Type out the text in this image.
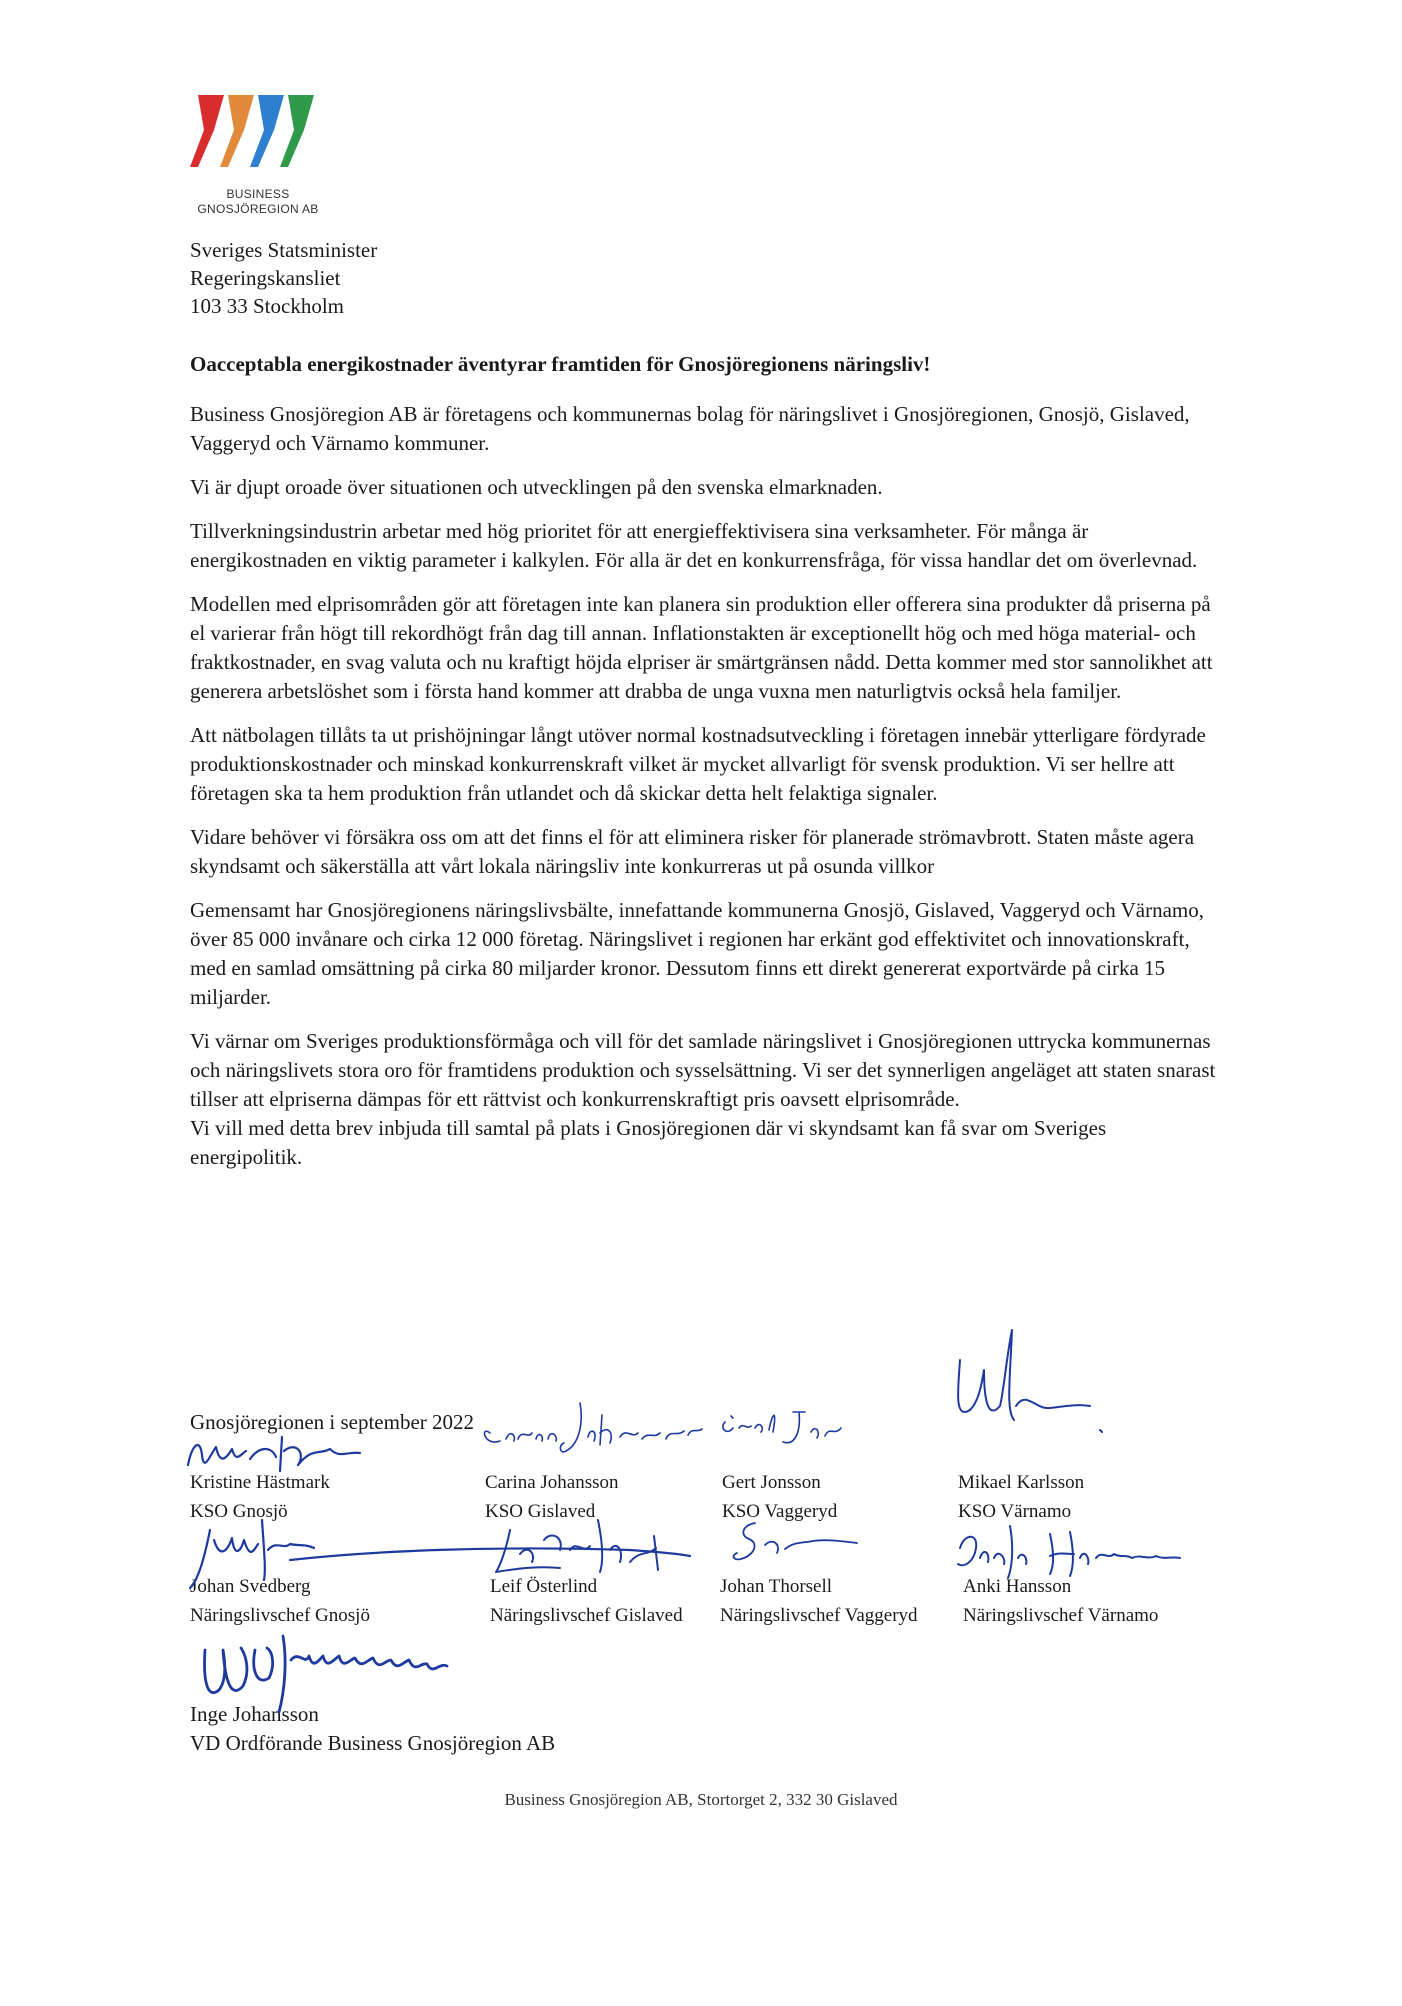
BUSINESS
GNOSJÖREGION AB
Sveriges Statsminister
Regeringskansliet
103 33 Stockholm
Oacceptabla energikostnader äventyrar framtiden för Gnosjöregionens näringsliv!

Business Gnosjöregion AB är företagens och kommunernas bolag för näringslivet i Gnosjöregionen, Gnosjö, Gislaved, Vaggeryd och Värnamo kommuner.

Vi är djupt oroade över situationen och utvecklingen på den svenska elmarknaden.

Tillverkningsindustrin arbetar med hög prioritet för att energieffektivisera sina verksamheter. För många är energikostnaden en viktig parameter i kalkylen. För alla är det en konkurrensfråga, för vissa handlar det om överlevnad.

Modellen med elprisområden gör att företagen inte kan planera sin produktion eller offerera sina produkter då priserna på el varierar från högt till rekordhögt från dag till annan. Inflationstakten är exceptionellt hög och med höga material- och fraktkostnader, en svag valuta och nu kraftigt höjda elpriser är smärtgränsen nådd. Detta kommer med stor sannolikhet att generera arbetslöshet som i första hand kommer att drabba de unga vuxna men naturligtvis också hela familjer.

Att nätbolagen tillåts ta ut prishöjningar långt utöver normal kostnadsutveckling i företagen innebär ytterligare fördyrade produktionskostnader och minskad konkurrenskraft vilket är mycket allvarligt för svensk produktion. Vi ser hellre att företagen ska ta hem produktion från utlandet och då skickar detta helt felaktiga signaler.

Vidare behöver vi försäkra oss om att det finns el för att eliminera risker för planerade strömavbrott. Staten måste agera skyndsamt och säkerställa att vårt lokala näringsliv inte konkurreras ut på osunda villkor

Gemensamt har Gnosjöregionens näringslivsbälte, innefattande kommunerna Gnosjö, Gislaved, Vaggeryd och Värnamo, över 85 000 invånare och cirka 12 000 företag. Näringslivet i regionen har erkänt god effektivitet och innovationskraft, med en samlad omsättning på cirka 80 miljarder kronor. Dessutom finns ett direkt genererat exportvärde på cirka 15 miljarder.

Vi värnar om Sveriges produktionsförmåga och vill för det samlade näringslivet i Gnosjöregionen uttrycka kommunernas och näringslivets stora oro för framtidens produktion och sysselsättning. Vi ser det synnerligen angeläget att staten snarast tillser att elpriserna dämpas för ett rättvist och konkurrenskraftigt pris oavsett elprisområde.

Vi vill med detta brev inbjuda till samtal på plats i Gnosjöregionen där vi skyndsamt kan få svar om Sveriges energipolitik.

Gnosjöregionen i september 2022
Kristine Hästmark
KSO Gnosjö
Carina Johansson
KSO Gislaved
Gert Jonsson
KSO Vaggeryd
Mikael Karlsson
KSO Värnamo
Johan Svedberg
Näringslivschef Gnosjö
Leif Österlind
Näringslivschef Gislaved
Johan Thorsell
Näringslivschef Vaggeryd
Anki Hansson
Näringslivschef Värnamo
Inge Johansson
VD Ordförande Business Gnosjöregion AB
Carina Johansson	Gert Jon
Business Gnosjöregion AB, Stortorget 2, 332 30 Gislaved
